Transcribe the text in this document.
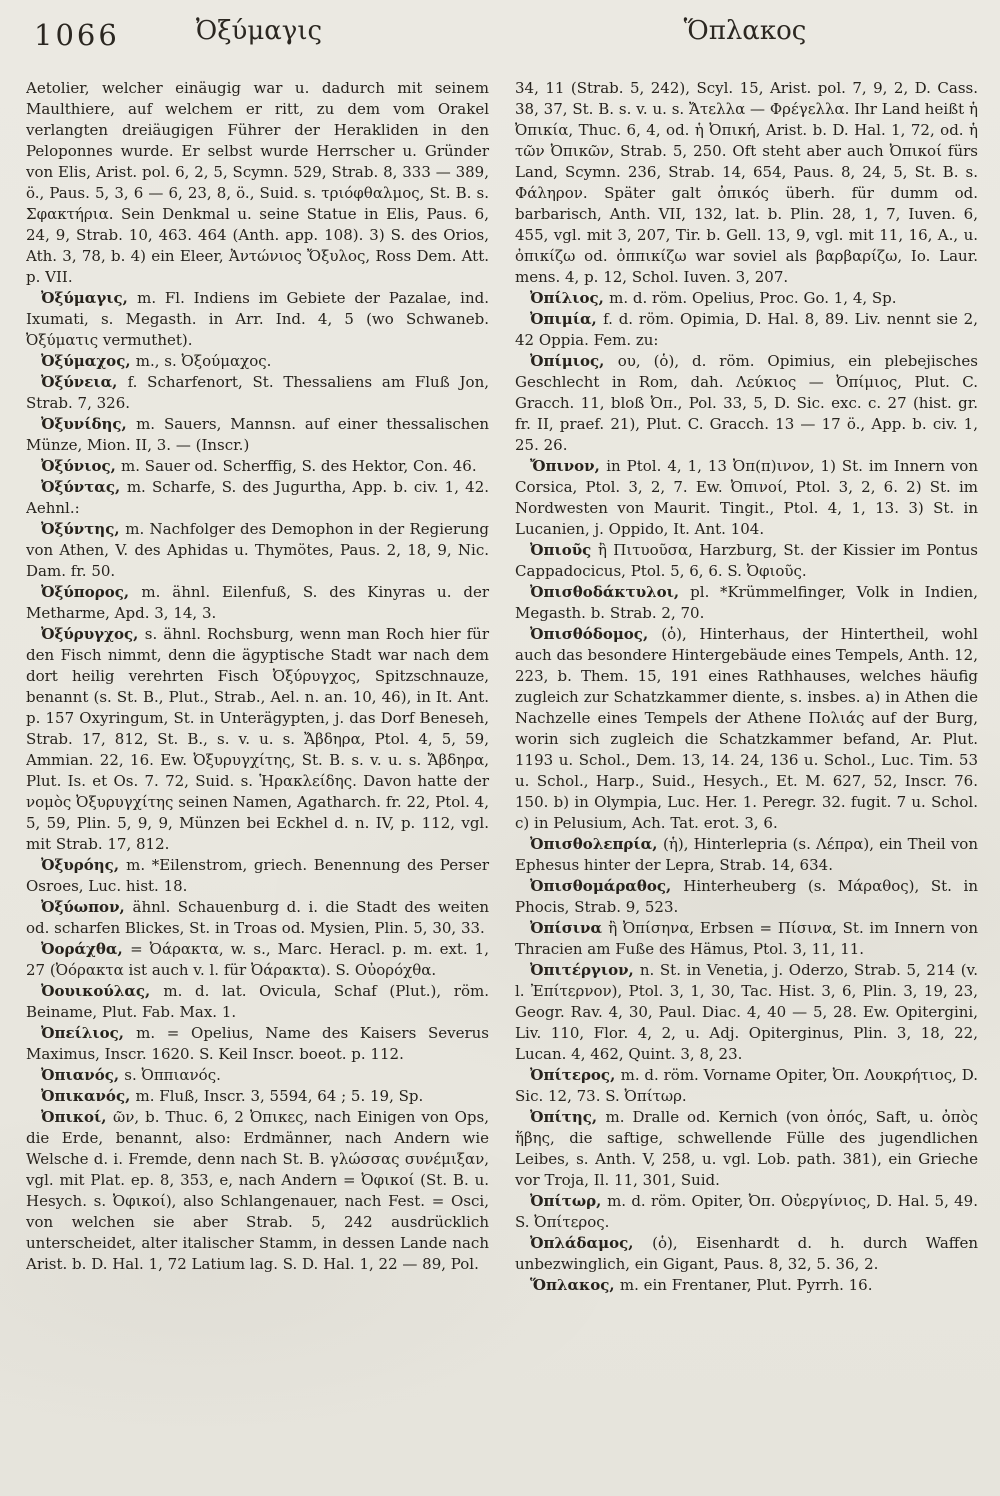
1066	Ὀξύμαγις	Ὅπλακος

Aetolier, welcher einäugig war u. dadurch mit seinem Maulthiere, auf welchem er ritt, zu dem vom Orakel verlangten dreiäugigen Führer der Herakliden in den Peloponnes wurde. Er selbst wurde Herrscher u. Gründer von Elis, Arist. pol. 6, 2, 5, Scymn. 529, Strab. 8, 333 — 389, ö., Paus. 5, 3, 6 — 6, 23, 8, ö., Suid. s. τριόφθαλμος, St. B. s. Σφακτήρια. Sein Denkmal u. seine Statue in Elis, Paus. 6, 24, 9, Strab. 10, 463. 464 (Anth. app. 108). 3) S. des Orios, Ath. 3, 78, b. 4) ein Eleer, Ἀντώνιος Ὄξυλος, Ross Dem. Att. p. VII.

Ὀξύμαγις, m. Fl. Indiens im Gebiete der Pazalae, ind. Ixumati, s. Megasth. in Arr. Ind. 4, 5 (wo Schwaneb. Ὀξύματις vermuthet).

Ὀξύμαχος, m., s. Ὀξούμαχος.

Ὀξύνεια, f. Scharfenort, St. Thessaliens am Fluß Jon, Strab. 7, 326.

Ὀξυνίδης, m. Sauers, Mannsn. auf einer thessalischen Münze, Mion. II, 3. — (Inscr.)

Ὀξύνιος, m. Sauer od. Scherffig, S. des Hektor, Con. 46.

Ὀξύντας, m. Scharfe, S. des Jugurtha, App. b. civ. 1, 42. Aehnl.:

Ὀξύντης, m. Nachfolger des Demophon in der Regierung von Athen, V. des Aphidas u. Thymötes, Paus. 2, 18, 9, Nic. Dam. fr. 50.

Ὀξύπορος, m. ähnl. Eilenfuß, S. des Kinyras u. der Metharme, Apd. 3, 14, 3.

Ὀξύρυγχος, s. ähnl. Rochsburg, wenn man Roch hier für den Fisch nimmt, denn die ägyptische Stadt war nach dem dort heilig verehrten Fisch Ὀξύρυγχος, Spitzschnauze, benannt (s. St. B., Plut., Strab., Ael. n. an. 10, 46), in It. Ant. p. 157 Oxyringum, St. in Unterägypten, j. das Dorf Beneseh, Strab. 17, 812, St. B., s. v. u. s. Ἄβδηρα, Ptol. 4, 5, 59, Ammian. 22, 16. Ew. Ὀξυρυγχίτης, St. B. s. v. u. s. Ἄβδηρα, Plut. Is. et Os. 7. 72, Suid. s. Ἡρακλείδης. Davon hatte der νομὸς Ὀξυρυγχίτης seinen Namen, Agatharch. fr. 22, Ptol. 4, 5, 59, Plin. 5, 9, 9, Münzen bei Eckhel d. n. IV, p. 112, vgl. mit Strab. 17, 812.

Ὀξυρόης, m. *Eilenstrom, griech. Benennung des Perser Osroes, Luc. hist. 18.

Ὀξύωπον, ähnl. Schauenburg d. i. die Stadt des weiten od. scharfen Blickes, St. in Troas od. Mysien, Plin. 5, 30, 33.

Ὀοράχθα, = Ὀάρακτα, w. s., Marc. Heracl. p. m. ext. 1, 27 (Ὀόρακτα ist auch v. l. für Ὀάρακτα). S. Οὐορόχθα.

Ὀουικούλας, m. d. lat. Ovicula, Schaf (Plut.), röm. Beiname, Plut. Fab. Max. 1.

Ὀπείλιος, m. = Opelius, Name des Kaisers Severus Maximus, Inscr. 1620. S. Keil Inscr. boeot. p. 112.

Ὀπιανός, s. Ὀππιανός.

Ὀπικανός, m. Fluß, Inscr. 3, 5594, 64 ; 5. 19, Sp.

Ὀπικοί, ῶν, b. Thuc. 6, 2 Ὀπικες, nach Einigen von Ops, die Erde, benannt, also: Erdmänner, nach Andern wie Welsche d. i. Fremde, denn nach St. B. γλώσσας συνέμιξαν, vgl. mit Plat. ep. 8, 353, e, nach Andern = Ὀφικοί (St. B. u. Hesych. s. Ὀφικοί), also Schlangenauer, nach Fest. = Osci, von welchen sie aber Strab. 5, 242 ausdrücklich unterscheidet, alter italischer Stamm, in dessen Lande nach Arist. b. D. Hal. 1, 72 Latium lag. S. D. Hal. 1, 22 — 89, Pol.

34, 11 (Strab. 5, 242), Scyl. 15, Arist. pol. 7, 9, 2, D. Cass. 38, 37, St. B. s. v. u. s. Ἄτελλα — Φρέγελλα. Ihr Land heißt ἡ Ὀπικία, Thuc. 6, 4, od. ἡ Ὀπική, Arist. b. D. Hal. 1, 72, od. ἡ τῶν Ὀπικῶν, Strab. 5, 250. Oft steht aber auch Ὀπικοί fürs Land, Scymn. 236, Strab. 14, 654, Paus. 8, 24, 5, St. B. s. Φάληρον. Später galt ὀπικός überh. für dumm od. barbarisch, Anth. VII, 132, lat. b. Plin. 28, 1, 7, Iuven. 6, 455, vgl. mit 3, 207, Tir. b. Gell. 13, 9, vgl. mit 11, 16, A., u. ὀπικίζω od. ὀππικίζω war soviel als βαρβαρίζω, Io. Laur. mens. 4, p. 12, Schol. Iuven. 3, 207.

Ὀπίλιος, m. d. röm. Opelius, Proc. Go. 1, 4, Sp.

Ὀπιμία, f. d. röm. Opimia, D. Hal. 8, 89. Liv. nennt sie 2, 42 Oppia. Fem. zu:

Ὀπίμιος, ου, (ὁ), d. röm. Opimius, ein plebejisches Geschlecht in Rom, dah. Λεύκιος — Ὀπίμιος, Plut. C. Gracch. 11, bloß Ὀπ., Pol. 33, 5, D. Sic. exc. c. 27 (hist. gr. fr. II, praef. 21), Plut. C. Gracch. 13 — 17 ö., App. b. civ. 1, 25. 26.

Ὄπινον, in Ptol. 4, 1, 13 Ὀπ(π)ινον, 1) St. im Innern von Corsica, Ptol. 3, 2, 7. Ew. Ὀπινοί, Ptol. 3, 2, 6. 2) St. im Nordwesten von Maurit. Tingit., Ptol. 4, 1, 13. 3) St. in Lucanien, j. Oppido, It. Ant. 104.

Ὀπιοῦς ἢ Πιτυοῦσα, Harzburg, St. der Kissier im Pontus Cappadocicus, Ptol. 5, 6, 6. S. Ὀφιοῦς.

Ὀπισθοδάκτυλοι, pl. *Krümmelfinger, Volk in Indien, Megasth. b. Strab. 2, 70.

Ὀπισθόδομος, (ὁ), Hinterhaus, der Hintertheil, wohl auch das besondere Hintergebäude eines Tempels, Anth. 12, 223, b. Them. 15, 191 eines Rathhauses, welches häufig zugleich zur Schatzkammer diente, s. insbes. a) in Athen die Nachzelle eines Tempels der Athene Πολιάς auf der Burg, worin sich zugleich die Schatzkammer befand, Ar. Plut. 1193 u. Schol., Dem. 13, 14. 24, 136 u. Schol., Luc. Tim. 53 u. Schol., Harp., Suid., Hesych., Et. M. 627, 52, Inscr. 76. 150. b) in Olympia, Luc. Her. 1. Peregr. 32. fugit. 7 u. Schol. c) in Pelusium, Ach. Tat. erot. 3, 6.

Ὀπισθολεπρία, (ἡ), Hinterlepria (s. Λέπρα), ein Theil von Ephesus hinter der Lepra, Strab. 14, 634.

Ὀπισθομάραθος, Hinterheuberg (s. Μάραθος), St. in Phocis, Strab. 9, 523.

Ὀπίσινα ἢ Ὀπίσηνα, Erbsen = Πίσινα, St. im Innern von Thracien am Fuße des Hämus, Ptol. 3, 11, 11.

Ὀπιτέργιον, n. St. in Venetia, j. Oderzo, Strab. 5, 214 (v. l. Ἐπίτερνον), Ptol. 3, 1, 30, Tac. Hist. 3, 6, Plin. 3, 19, 23, Geogr. Rav. 4, 30, Paul. Diac. 4, 40 — 5, 28. Ew. Opitergini, Liv. 110, Flor. 4, 2, u. Adj. Opiterginus, Plin. 3, 18, 22, Lucan. 4, 462, Quint. 3, 8, 23.

Ὀπίτερος, m. d. röm. Vorname Opiter, Ὀπ. Λουκρήτιος, D. Sic. 12, 73. S. Ὀπίτωρ.

Ὀπίτης, m. Dralle od. Kernich (von ὀπός, Saft, u. ὀπὸς ἥβης, die saftige, schwellende Fülle des jugendlichen Leibes, s. Anth. V, 258, u. vgl. Lob. path. 381), ein Grieche vor Troja, Il. 11, 301, Suid.

Ὀπίτωρ, m. d. röm. Opiter, Ὀπ. Οὐεργίνιος, D. Hal. 5, 49. S. Ὀπίτερος.

Ὀπλάδαμος, (ὁ), Eisenhardt d. h. durch Waffen unbezwinglich, ein Gigant, Paus. 8, 32, 5. 36, 2.

Ὅπλακος, m. ein Frentaner, Plut. Pyrrh. 16.
